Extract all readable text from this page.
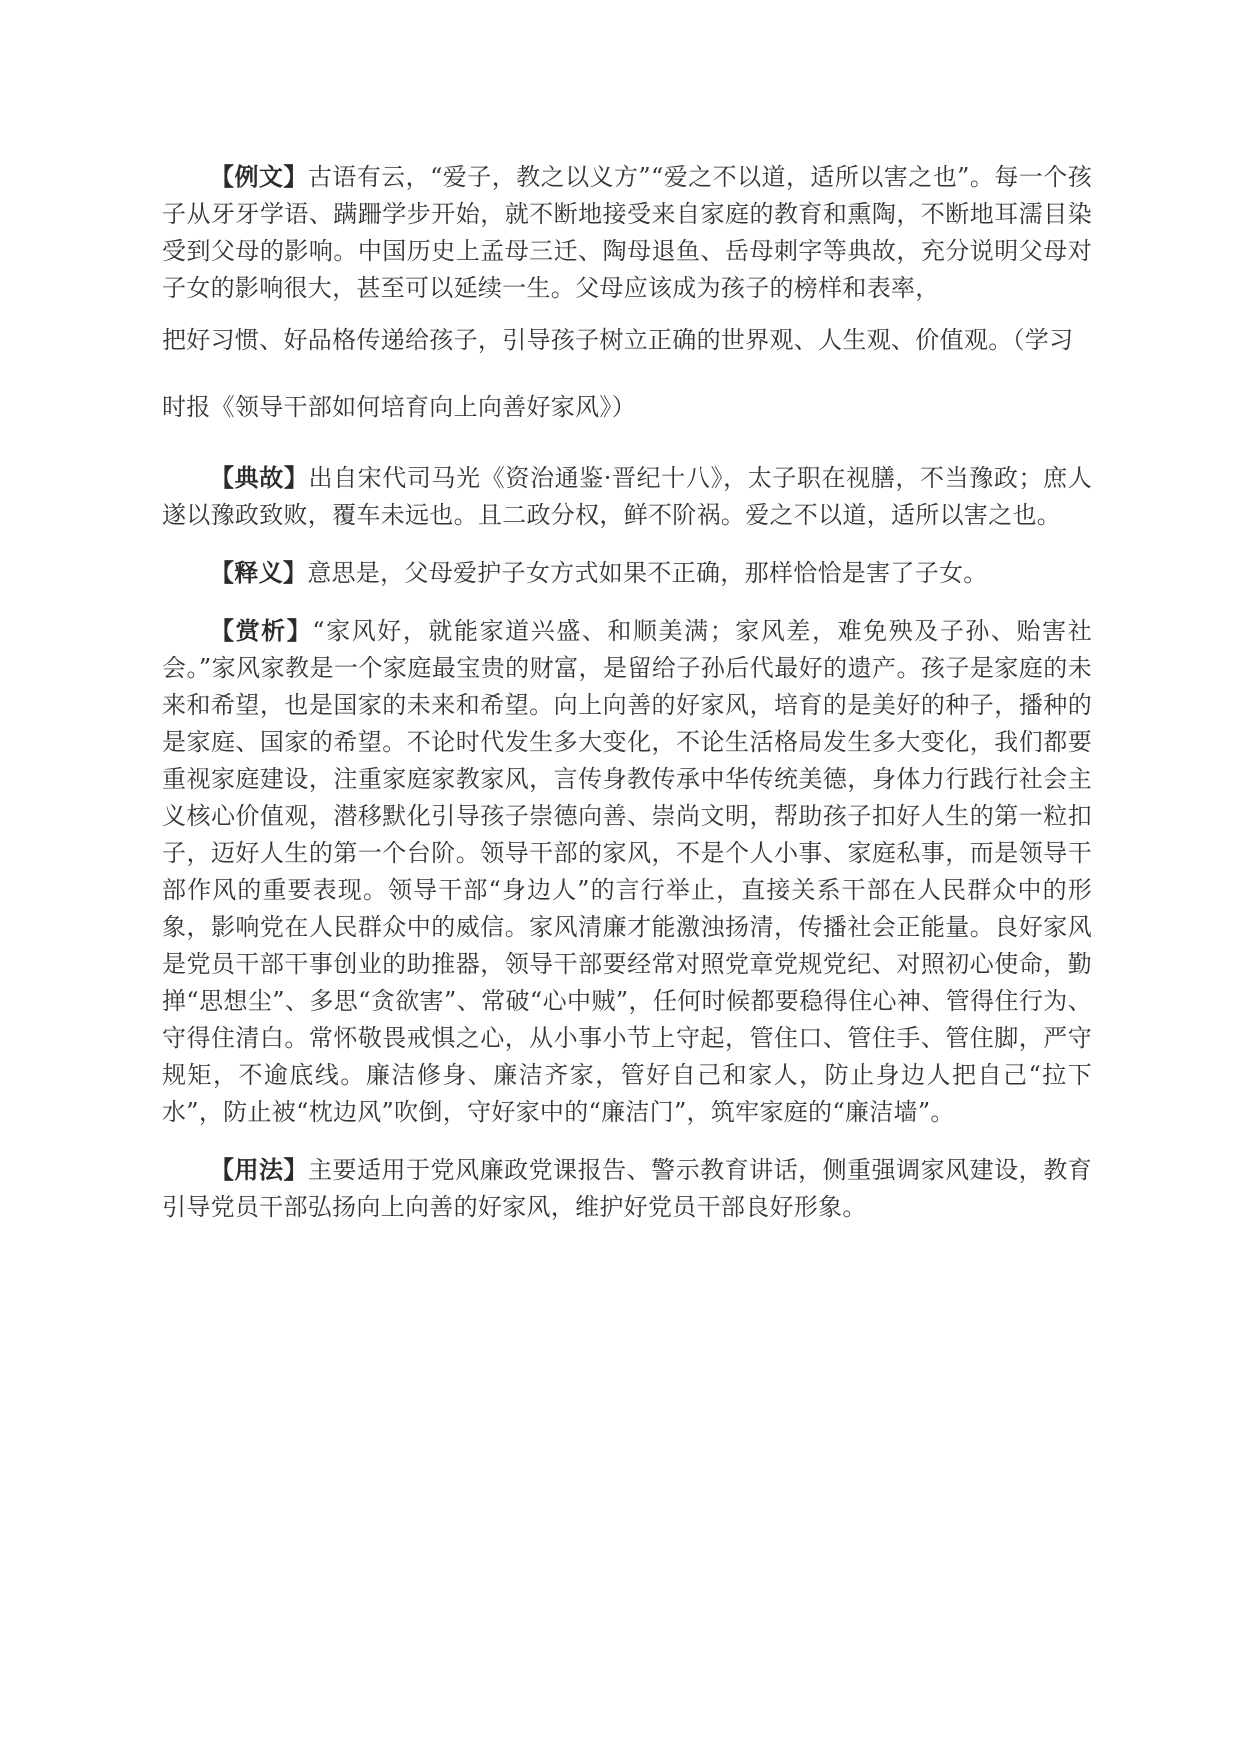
【例文】古语有云，“爱子，教之以义方”“爱之不以道，适所以害之也”。每一个孩子从牙牙学语、蹒跚学步开始，就不断地接受来自家庭的教育和熏陶，不断地耳濡目染受到父母的影响。中国历史上孟母三迁、陶母退鱼、岳母刺字等典故，充分说明父母对子女的影响很大，甚至可以延续一生。父母应该成为孩子的榜样和表率，

把好习惯、好品格传递给孩子，引导孩子树立正确的世界观、人生观、价值观。（学习时报《领导干部如何培育向上向善好家风》）

【典故】出自宋代司马光《资治通鉴·晋纪十八》，太子职在视膳，不当豫政；庶人遂以豫政致败，覆车未远也。且二政分权，鲜不阶祸。爱之不以道，适所以害之也。

【释义】意思是，父母爱护子女方式如果不正确，那样恰恰是害了子女。

【赏析】“家风好，就能家道兴盛、和顺美满；家风差，难免殃及子孙、贻害社会。”家风家教是一个家庭最宝贵的财富，是留给子孙后代最好的遗产。孩子是家庭的未来和希望，也是国家的未来和希望。向上向善的好家风，培育的是美好的种子，播种的是家庭、国家的希望。不论时代发生多大变化，不论生活格局发生多大变化，我们都要重视家庭建设，注重家庭家教家风，言传身教传承中华传统美德，身体力行践行社会主义核心价值观，潜移默化引导孩子崇德向善、崇尚文明，帮助孩子扣好人生的第一粒扣子，迈好人生的第一个台阶。领导干部的家风，不是个人小事、家庭私事，而是领导干部作风的重要表现。领导干部“身边人”的言行举止，直接关系干部在人民群众中的形象，影响党在人民群众中的威信。家风清廉才能激浊扬清，传播社会正能量。良好家风是党员干部干事创业的助推器，领导干部要经常对照党章党规党纪、对照初心使命，勤掸“思想尘”、多思“贪欲害”、常破“心中贼”，任何时候都要稳得住心神、管得住行为、守得住清白。常怀敬畏戒惧之心，从小事小节上守起，管住口、管住手、管住脚，严守规矩，不逾底线。廉洁修身、廉洁齐家，管好自己和家人，防止身边人把自己“拉下水”，防止被“枕边风”吹倒，守好家中的“廉洁门”，筑牢家庭的“廉洁墙”。

【用法】主要适用于党风廉政党课报告、警示教育讲话，侧重强调家风建设，教育引导党员干部弘扬向上向善的好家风，维护好党员干部良好形象。
